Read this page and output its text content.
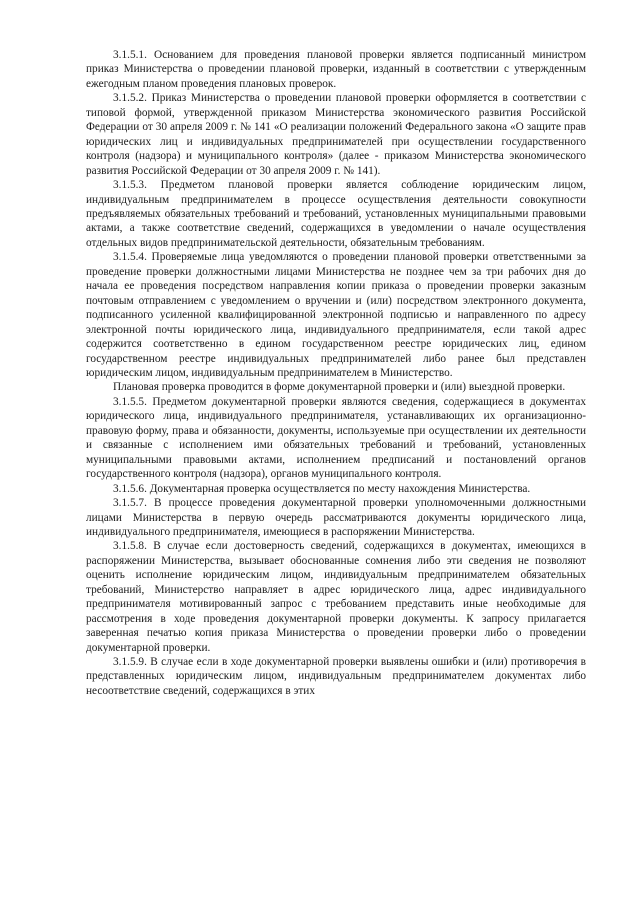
3.1.5.1. Основанием для проведения плановой проверки является подписанный министром приказ Министерства о проведении плановой проверки, изданный в соответствии с утвержденным ежегодным планом проведения плановых проверок.

3.1.5.2. Приказ Министерства о проведении плановой проверки оформляется в соответствии с типовой формой, утвержденной приказом Министерства экономического развития Российской Федерации от 30 апреля 2009 г. № 141 «О реализации положений Федерального закона «О защите прав юридических лиц и индивидуальных предпринимателей при осуществлении государственного контроля (надзора) и муниципального контроля» (далее - приказом Министерства экономического развития Российской Федерации от 30 апреля 2009 г. № 141).

3.1.5.3. Предметом плановой проверки является соблюдение юридическим лицом, индивидуальным предпринимателем в процессе осуществления деятельности совокупности предъявляемых обязательных требований и требований, установленных муниципальными правовыми актами, а также соответствие сведений, содержащихся в уведомлении о начале осуществления отдельных видов предпринимательской деятельности, обязательным требованиям.

3.1.5.4. Проверяемые лица уведомляются о проведении плановой проверки ответственными за проведение проверки должностными лицами Министерства не позднее чем за три рабочих дня до начала ее проведения посредством направления копии приказа о проведении проверки заказным почтовым отправлением с уведомлением о вручении и (или) посредством электронного документа, подписанного усиленной квалифицированной электронной подписью и направленного по адресу электронной почты юридического лица, индивидуального предпринимателя, если такой адрес содержится соответственно в едином государственном реестре юридических лиц, едином государственном реестре индивидуальных предпринимателей либо ранее был представлен юридическим лицом, индивидуальным предпринимателем в Министерство.

Плановая проверка проводится в форме документарной проверки и (или) выездной проверки.

3.1.5.5. Предметом документарной проверки являются сведения, содержащиеся в документах юридического лица, индивидуального предпринимателя, устанавливающих их организационно-правовую форму, права и обязанности, документы, используемые при осуществлении их деятельности и связанные с исполнением ими обязательных требований и требований, установленных муниципальными правовыми актами, исполнением предписаний и постановлений органов государственного контроля (надзора), органов муниципального контроля.

3.1.5.6. Документарная проверка осуществляется по месту нахождения Министерства.

3.1.5.7. В процессе проведения документарной проверки уполномоченными должностными лицами Министерства в первую очередь рассматриваются документы юридического лица, индивидуального предпринимателя, имеющиеся в распоряжении Министерства.

3.1.5.8. В случае если достоверность сведений, содержащихся в документах, имеющихся в распоряжении Министерства, вызывает обоснованные сомнения либо эти сведения не позволяют оценить исполнение юридическим лицом, индивидуальным предпринимателем обязательных требований, Министерство направляет в адрес юридического лица, адрес индивидуального предпринимателя мотивированный запрос с требованием представить иные необходимые для рассмотрения в ходе проведения документарной проверки документы. К запросу прилагается заверенная печатью копия приказа Министерства о проведении проверки либо о проведении документарной проверки.

3.1.5.9. В случае если в ходе документарной проверки выявлены ошибки и (или) противоречия в представленных юридическим лицом, индивидуальным предпринимателем документах либо несоответствие сведений, содержащихся в этих
